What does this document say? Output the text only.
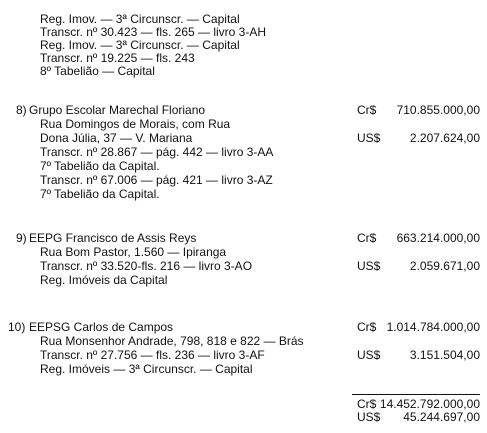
Reg. Imov. — 3ª Circunscr. — Capital
Transcr. nº 30.423 — fls. 265 — livro 3-AH
Reg. Imov. — 3ª Circunscr. — Capital
Transcr. nº 19.225 — fls. 243
8º Tabelião — Capital
8) Grupo Escolar Marechal Floriano
Rua Domingos de Morais, com Rua
Dona Júlia, 37 — V. Mariana
Transcr. nº 28.867 — pág. 442 — livro 3-AA
7º Tabelião da Capital.
Transcr. nº 67.006 — pág. 421 — livro 3-AZ
7º Tabelião da Capital.
Cr$ 710.855.000,00
US$ 2.207.624,00
9) EEPG Francisco de Assis Reys
Rua Bom Pastor, 1.560 — Ipiranga
Transcr. nº 33.520-fls. 216 — livro 3-AO
Reg. Imóveis da Capital
Cr$ 663.214.000,00
US$ 2.059.671,00
10) EEPSG Carlos de Campos
Rua Monsenhor Andrade, 798, 818 e 822 — Brás
Transcr. nº 27.756 — fls. 236 — livro 3-AF
Reg. Imóveis — 3ª Circunscr. — Capital
Cr$ 1.014.784.000,00
US$ 3.151.504,00
Cr$ 14.452.792.000,00
US$ 45.244.697,00
